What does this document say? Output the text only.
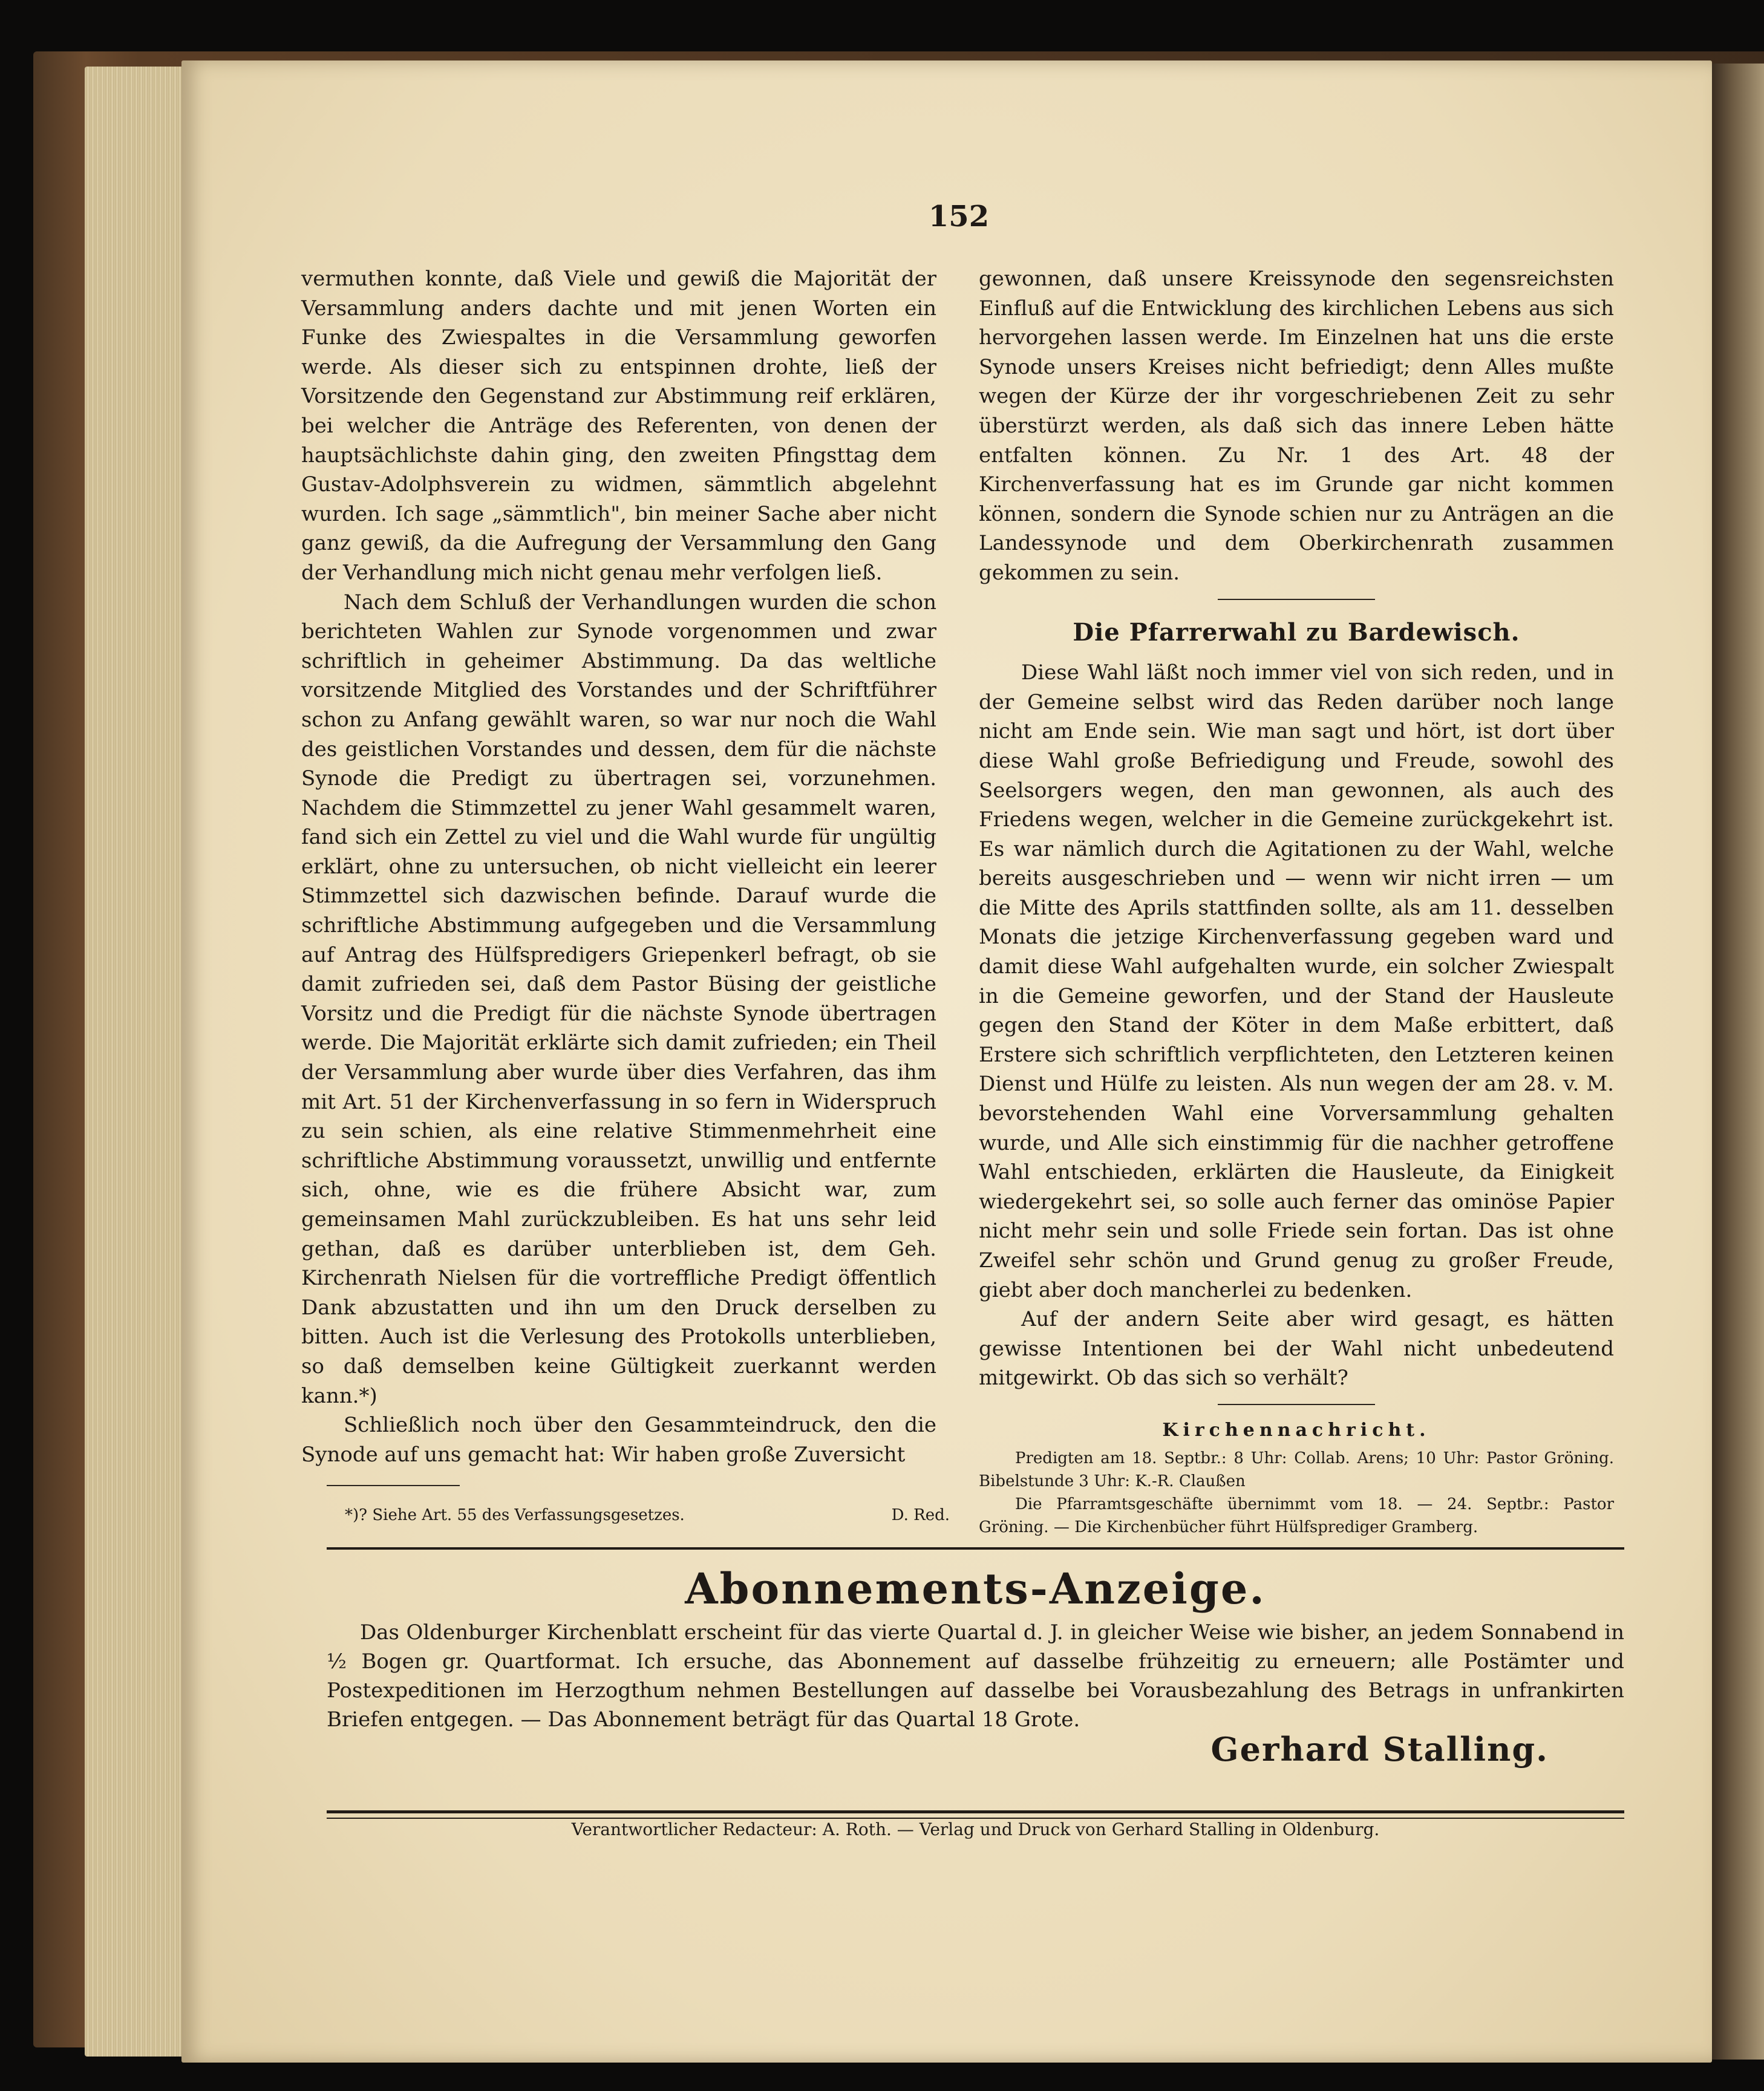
152

vermuthen konnte, daß Viele und gewiß die Majorität der Versammlung anders dachte und mit jenen Worten ein Funke des Zwiespaltes in die Versammlung geworfen werde. Als dieser sich zu entspinnen drohte, ließ der Vorsitzende den Gegenstand zur Abstimmung reif erklären, bei welcher die Anträge des Referenten, von denen der hauptsächlichste dahin ging, den zweiten Pfingsttag dem Gustav-Adolphsverein zu widmen, sämmtlich abgelehnt wurden. Ich sage „sämmtlich", bin meiner Sache aber nicht ganz gewiß, da die Aufregung der Versammlung den Gang der Verhandlung mich nicht genau mehr verfolgen ließ.

Nach dem Schluß der Verhandlungen wurden die schon berichteten Wahlen zur Synode vorgenommen und zwar schriftlich in geheimer Abstimmung. Da das weltliche vorsitzende Mitglied des Vorstandes und der Schriftführer schon zu Anfang gewählt waren, so war nur noch die Wahl des geistlichen Vorstandes und dessen, dem für die nächste Synode die Predigt zu übertragen sei, vorzunehmen. Nachdem die Stimmzettel zu jener Wahl gesammelt waren, fand sich ein Zettel zu viel und die Wahl wurde für ungültig erklärt, ohne zu untersuchen, ob nicht vielleicht ein leerer Stimmzettel sich dazwischen befinde. Darauf wurde die schriftliche Abstimmung aufgegeben und die Versammlung auf Antrag des Hülfspredigers Griepenkerl befragt, ob sie damit zufrieden sei, daß dem Pastor Büsing der geistliche Vorsitz und die Predigt für die nächste Synode übertragen werde. Die Majorität erklärte sich damit zufrieden; ein Theil der Versammlung aber wurde über dies Verfahren, das ihm mit Art. 51 der Kirchenverfassung in so fern in Widerspruch zu sein schien, als eine relative Stimmenmehrheit eine schriftliche Abstimmung voraussetzt, unwillig und entfernte sich, ohne, wie es die frühere Absicht war, zum gemeinsamen Mahl zurückzubleiben. Es hat uns sehr leid gethan, daß es darüber unterblieben ist, dem Geh. Kirchenrath Nielsen für die vortreffliche Predigt öffentlich Dank abzustatten und ihn um den Druck derselben zu bitten. Auch ist die Verlesung des Protokolls unterblieben, so daß demselben keine Gültigkeit zuerkannt werden kann.*)

Schließlich noch über den Gesammteindruck, den die Synode auf uns gemacht hat: Wir haben große Zuversicht

*)? Siehe Art. 55 des Verfassungsgesetzes.	D. Red.

gewonnen, daß unsere Kreissynode den segensreichsten Einfluß auf die Entwicklung des kirchlichen Lebens aus sich hervorgehen lassen werde. Im Einzelnen hat uns die erste Synode unsers Kreises nicht befriedigt; denn Alles mußte wegen der Kürze der ihr vorgeschriebenen Zeit zu sehr überstürzt werden, als daß sich das innere Leben hätte entfalten können. Zu Nr. 1 des Art. 48 der Kirchenverfassung hat es im Grunde gar nicht kommen können, sondern die Synode schien nur zu Anträgen an die Landessynode und dem Oberkirchenrath zusammen gekommen zu sein.

Die Pfarrerwahl zu Bardewisch.

Diese Wahl läßt noch immer viel von sich reden, und in der Gemeine selbst wird das Reden darüber noch lange nicht am Ende sein. Wie man sagt und hört, ist dort über diese Wahl große Befriedigung und Freude, sowohl des Seelsorgers wegen, den man gewonnen, als auch des Friedens wegen, welcher in die Gemeine zurückgekehrt ist. Es war nämlich durch die Agitationen zu der Wahl, welche bereits ausgeschrieben und — wenn wir nicht irren — um die Mitte des Aprils stattfinden sollte, als am 11. desselben Monats die jetzige Kirchenverfassung gegeben ward und damit diese Wahl aufgehalten wurde, ein solcher Zwiespalt in die Gemeine geworfen, und der Stand der Hausleute gegen den Stand der Köter in dem Maße erbittert, daß Erstere sich schriftlich verpflichteten, den Letzteren keinen Dienst und Hülfe zu leisten. Als nun wegen der am 28. v. M. bevorstehenden Wahl eine Vorversammlung gehalten wurde, und Alle sich einstimmig für die nachher getroffene Wahl entschieden, erklärten die Hausleute, da Einigkeit wiedergekehrt sei, so solle auch ferner das ominöse Papier nicht mehr sein und solle Friede sein fortan. Das ist ohne Zweifel sehr schön und Grund genug zu großer Freude, giebt aber doch mancherlei zu bedenken.

Auf der andern Seite aber wird gesagt, es hätten gewisse Intentionen bei der Wahl nicht unbedeutend mitgewirkt. Ob das sich so verhält?

Kirchennachricht.

Predigten am 18. Septbr.: 8 Uhr: Collab. Arens; 10 Uhr: Pastor Gröning. Bibelstunde 3 Uhr: K.-R. Claußen

Die Pfarramtsgeschäfte übernimmt vom 18. — 24. Septbr.: Pastor Gröning. — Die Kirchenbücher führt Hülfsprediger Gramberg.

Abonnements-Anzeige.

Das Oldenburger Kirchenblatt erscheint für das vierte Quartal d. J. in gleicher Weise wie bisher, an jedem Sonnabend in ½ Bogen gr. Quartformat. Ich ersuche, das Abonnement auf dasselbe frühzeitig zu erneuern; alle Postämter und Postexpeditionen im Herzogthum nehmen Bestellungen auf dasselbe bei Vorausbezahlung des Betrags in unfrankirten Briefen entgegen. — Das Abonnement beträgt für das Quartal 18 Grote.

Gerhard Stalling.
Verantwortlicher Redacteur: A. Roth. — Verlag und Druck von Gerhard Stalling in Oldenburg.
